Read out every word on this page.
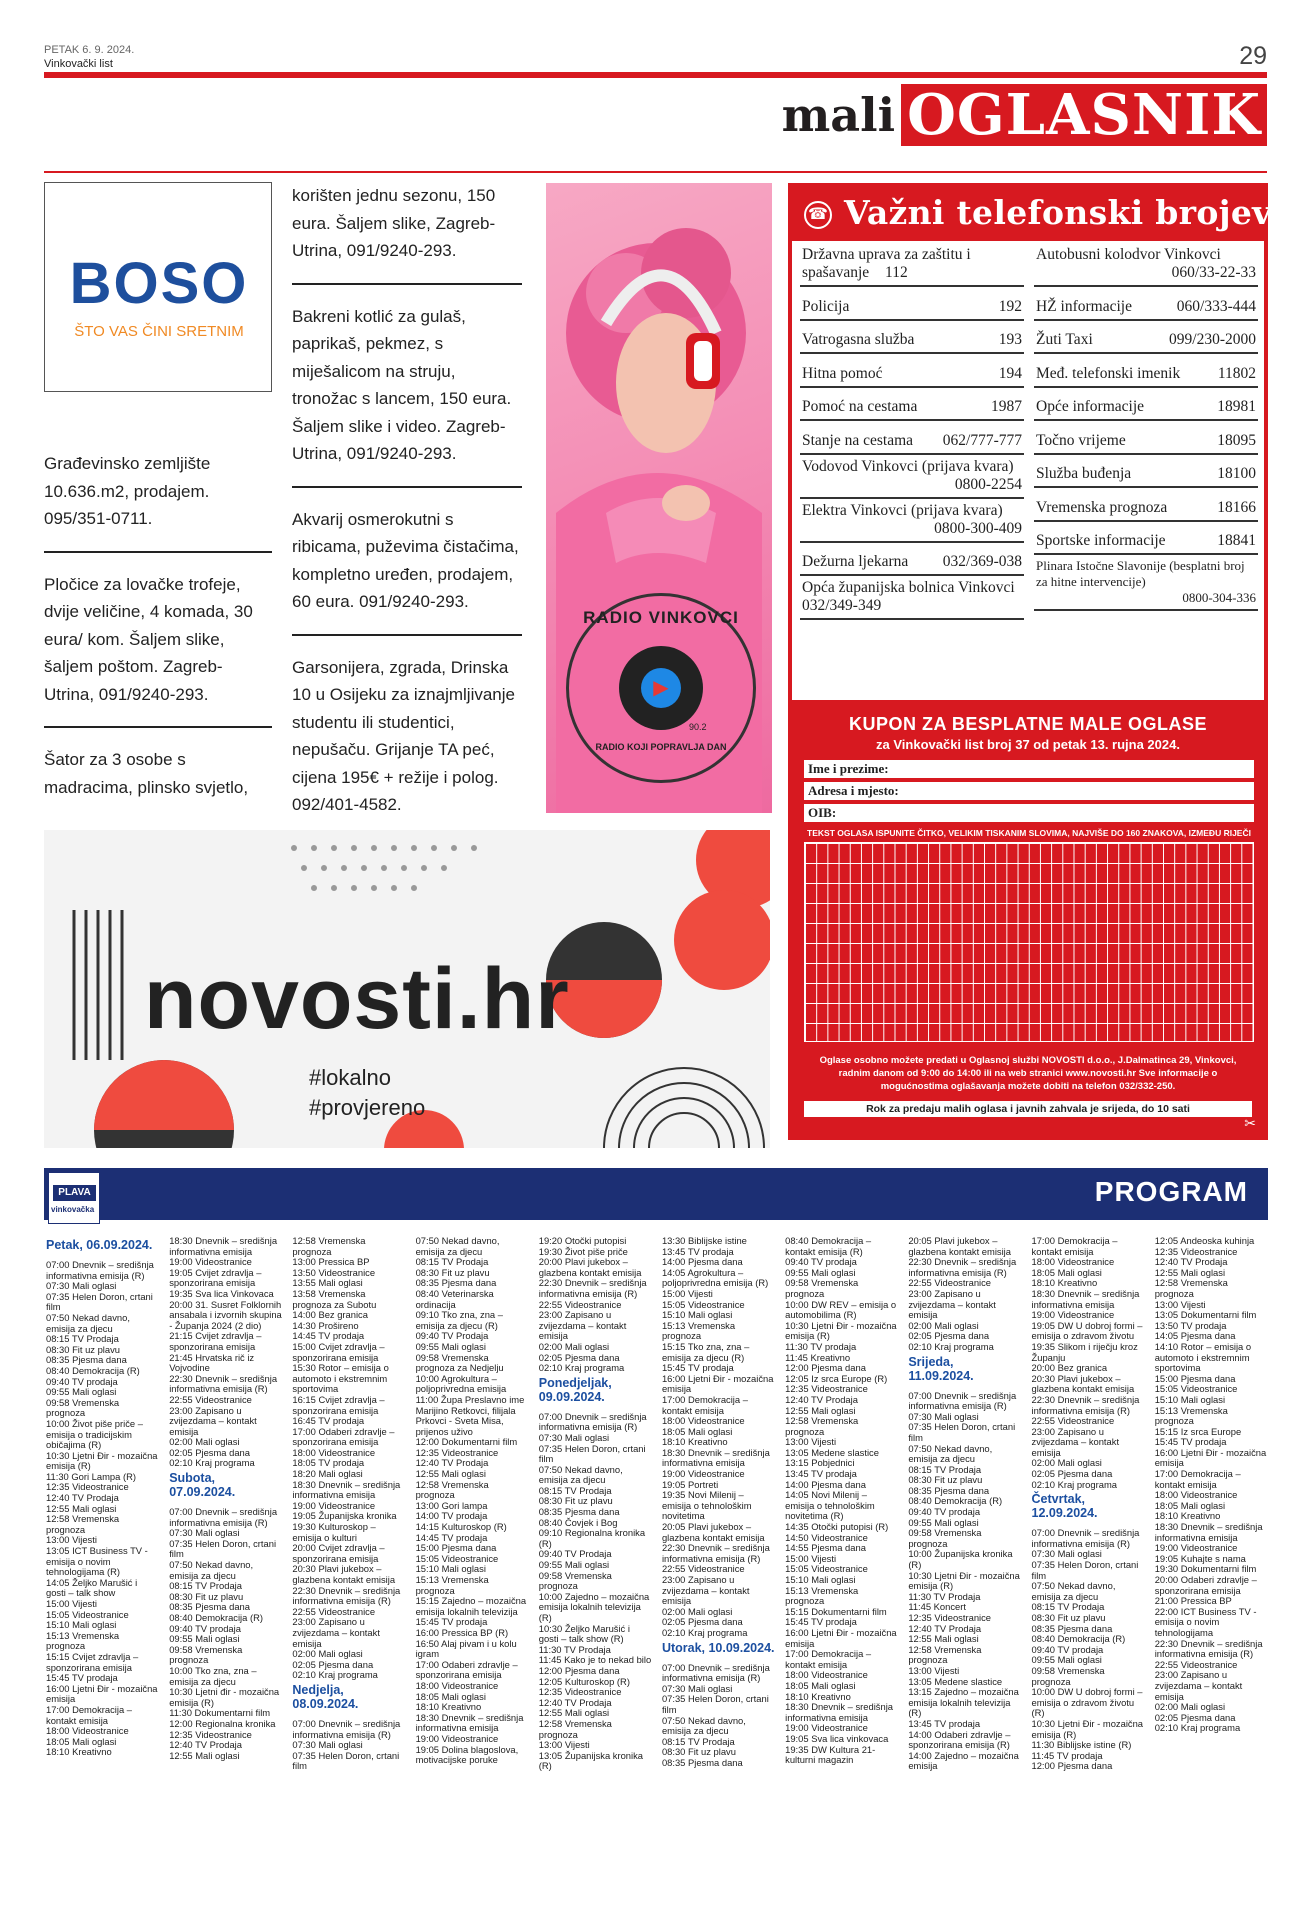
PETAK 6. 9. 2024.
Vinkovački list	29
mali OGLASNIK
BOSO
ŠTO VAS ČINI SRETNIM
Građevinsko zemljište 10.636.m2, prodajem. 095/351-0711.
Pločice za lovačke trofeje, dvije veličine, 4 komada, 30 eura/ kom. Šaljem slike, šaljem poštom. Zagreb-Utrina, 091/9240-293.
Šator za 3 osobe s madracima, plinsko svjetlo,
korišten jednu sezonu, 150 eura. Šaljem slike, Zagreb-Utrina, 091/9240-293.
Bakreni kotlić za gulaš, paprikaš, pekmez, s miješalicom na struju, tronožac s lancem, 150 eura. Šaljem slike i video. Zagreb-Utrina, 091/9240-293.
Akvarij osmerokutni s ribicama, puževima čistačima, kompletno uređen, prodajem, 60 eura. 091/9240-293.
Garsonijera, zgrada, Drinska 10 u Osijeku za iznajmljivanje studentu ili studentici, nepušaču. Grijanje TA peć, cijena 195€ + režije i polog. 092/401-4582.
▶
RADIO VINKOVCI
RADIO KOJI POPRAVLJA DAN
90.2
☎ Važni telefonski brojevi
Državna uprava za zaštitu i spašavanje 112
Policija	192
Vatrogasna služba	193
Hitna pomoć	194
Pomoć na cestama	1987
Stanje na cestama 062/777-777
Vodovod Vinkovci (prijava kvara)
0800-2254
Elektra Vinkovci (prijava kvara)
0800-300-409
Dežurna ljekarna 032/369-038
Opća županijska bolnica Vinkovci 032/349-349
Autobusni kolodvor Vinkovci
060/33-22-33
HŽ informacije	060/333-444
Žuti Taxi	099/230-2000
Međ. telefonski imenik 11802
Opće informacije	18981
Točno vrijeme	18095
Služba buđenja	18100
Vremenska prognoza	18166
Sportske informacije	18841
Plinara Istočne Slavonije (besplatni broj za hitne intervencije)
0800-304-336
KUPON ZA BESPLATNE MALE OGLASE
za Vinkovački list broj 37 od petak 13. rujna 2024.
Ime i prezime:
Adresa i mjesto:
OIB:
TEKST OGLASA ISPUNITE ČITKO, VELIKIM TISKANIM SLOVIMA, NAJVIŠE DO 160 ZNAKOVA, IZMEĐU RIJEČI
Oglase osobno možete predati u Oglasnoj službi NOVOSTI d.o.o., J.Dalmatinca 29, Vinkovci, radnim danom od 9:00 do 14:00 ili na web stranici www.novosti.hr Sve informacije o mogućnostima oglašavanja možete dobiti na telefon 032/332-250.
Rok za predaju malih oglasa i javnih zahvala je srijeda, do 10 sati
✂
novosti.hr
#lokalno
#provjereno
PLAVA
vinkovačka
PROGRAM
Petak, 06.09.2024.
07:00 Dnevnik – središnja informativna emisija (R)
07:30 Mali oglasi
07:35 Helen Doron, crtani film
07:50 Nekad davno, emisija za djecu
08:15 TV Prodaja
08:30 Fit uz plavu
08:35 Pjesma dana
08:40 Demokracija (R)
09:40 TV prodaja
09:55 Mali oglasi
09:58 Vremenska prognoza
10:00 Život piše priče – emisija o tradicijskim običajima (R)
10:30 Ljetni Đir - mozaična emisija (R)
11:30 Gori Lampa (R)
12:35 Videostranice
12:40 TV Prodaja
12:55 Mali oglasi
12:58 Vremenska prognoza
13:00 Vijesti
13:05 ICT Business TV - emisija o novim tehnologijama (R)
14:05 Željko Marušić i gosti – talk show
15:00 Vijesti
15:05 Videostranice
15:10 Mali oglasi
15:13 Vremenska prognoza
15:15 Cvijet zdravlja – sponzorirana emisija
15:45 TV prodaja
16:00 Ljetni Đir - mozaična emisija
17:00 Demokracija – kontakt emisija
18:00 Videostranice
18:05 Mali oglasi
18:10 Kreativno
18:30 Dnevnik – središnja informativna emisija
19:00 Videostranice
19:05 Cvijet zdravlja – sponzorirana emisija
19:35 Sva lica Vinkovaca
20:00 31. Susret Folklornih ansabala i izvornih skupina - Županja 2024 (2 dio)
21:15 Cvijet zdravlja – sponzorirana emisija
21:45 Hrvatska rič iz Vojvodine
22:30 Dnevnik – središnja informativna emisija (R)
22:55 Videostranice
23:00 Zapisano u zvijezdama – kontakt emisija
02:00 Mali oglasi
02:05 Pjesma dana
02:10 Kraj programa
Subota, 07.09.2024.
07:00 Dnevnik – središnja informativna emisija (R)
07:30 Mali oglasi
07:35 Helen Doron, crtani film
07:50 Nekad davno, emisija za djecu
08:15 TV Prodaja
08:30 Fit uz plavu
08:35 Pjesma dana
08:40 Demokracija (R)
09:40 TV prodaja
09:55 Mali oglasi
09:58 Vremenska prognoza
10:00 Tko zna, zna – emisija za djecu
10:30 Ljetni đir - mozaična emisija (R)
11:30 Dokumentarni film
12:00 Regionalna kronika
12:35 Videostranice
12:40 TV Prodaja
12:55 Mali oglasi
12:58 Vremenska prognoza
13:00 Pressica BP
13:50 Videostranice
13:55 Mali oglasi
13:58 Vremenska prognoza za Subotu
14:00 Bez granica
14:30 Prošireno
14:45 TV prodaja
15:00 Cvijet zdravlja – sponzorirana emisija
15:30 Rotor – emisija o automoto i ekstremnim sportovima
16:15 Cvijet zdravlja – sponzorirana emisija
16:45 TV prodaja
17:00 Odaberi zdravlje – sponzorirana emisija
18:00 Videostranice
18:05 TV prodaja
18:20 Mali oglasi
18:30 Dnevnik – središnja informativna emisija
19:00 Videostranice
19:05 Županijska kronika
19:30 Kulturoskop – emisija o kulturi
20:00 Cvijet zdravlja – sponzorirana emisija
20:30 Plavi jukebox – glazbena kontakt emisija
22:30 Dnevnik – središnja informativna emisija (R)
22:55 Videostranice
23:00 Zapisano u zvijezdama – kontakt emisija
02:00 Mali oglasi
02:05 Pjesma dana
02:10 Kraj programa
Nedjelja, 08.09.2024.
07:00 Dnevnik – središnja informativna emisija (R)
07:30 Mali oglasi
07:35 Helen Doron, crtani film
07:50 Nekad davno, emisija za djecu
08:15 TV Prodaja
08:30 Fit uz plavu
08:35 Pjesma dana
08:40 Veterinarska ordinacija
09:10 Tko zna, zna – emisija za djecu (R)
09:40 TV Prodaja
09:55 Mali oglasi
09:58 Vremenska prognoza za Nedjelju
10:00 Agrokultura – poljoprivredna emisija
11:00 Župa Preslavno ime Marijino Retkovci, filijala Prkovci - Sveta Misa, prijenos uživo
12:00 Dokumentarni film
12:35 Videostranice
12:40 TV Prodaja
12:55 Mali oglasi
12:58 Vremenska prognoza
13:00 Gori lampa
14:00 TV prodaja
14:15 Kulturoskop (R)
14:45 TV prodaja
15:00 Pjesma dana
15:05 Videostranice
15:10 Mali oglasi
15:13 Vremenska prognoza
15:15 Zajedno – mozaična emisija lokalnih televizija
15:45 TV prodaja
16:00 Pressica BP (R)
16:50 Alaj pivam i u kolu igram
17:00 Odaberi zdravlje – sponzorirana emisija
18:00 Videostranice
18:05 Mali oglasi
18:10 Kreativno
18:30 Dnevnik – središnja informativna emisija
19:00 Videostranice
19:05 Dolina blagoslova, motivacijske poruke
19:20 Otočki putopisi
19:30 Život piše priče
20:00 Plavi jukebox – glazbena kontakt emisija
22:30 Dnevnik – središnja informativna emisija (R)
22:55 Videostranice
23:00 Zapisano u zvijezdama – kontakt emisija
02:00 Mali oglasi
02:05 Pjesma dana
02:10 Kraj programa
Ponedjeljak, 09.09.2024.
07:00 Dnevnik – središnja informativna emisija (R)
07:30 Mali oglasi
07:35 Helen Doron, crtani film
07:50 Nekad davno, emisija za djecu
08:15 TV Prodaja
08:30 Fit uz plavu
08:35 Pjesma dana
08:40 Čovjek i Bog
09:10 Regionalna kronika (R)
09:40 TV Prodaja
09:55 Mali oglasi
09:58 Vremenska prognoza
10:00 Zajedno – mozaična emisija lokalnih televizija (R)
10:30 Željko Marušić i gosti – talk show (R)
11:30 TV Prodaja
11:45 Kako je to nekad bilo
12:00 Pjesma dana
12:05 Kulturoskop (R)
12:35 Videostranice
12:40 TV Prodaja
12:55 Mali oglasi
12:58 Vremenska prognoza
13:00 Vijesti
13:05 Županijska kronika (R)
13:30 Biblijske istine
13:45 TV prodaja
14:00 Pjesma dana
14:05 Agrokultura – poljoprivredna emisija (R)
15:00 Vijesti
15:05 Videostranice
15:10 Mali oglasi
15:13 Vremenska prognoza
15:15 Tko zna, zna – emisija za djecu (R)
15:45 TV prodaja
16:00 Ljetni Đir - mozaična emisija
17:00 Demokracija – kontakt emisija
18:00 Videostranice
18:05 Mali oglasi
18:10 Kreativno
18:30 Dnevnik – središnja informativna emisija
19:00 Videostranice
19:05 Portreti
19:35 Novi Milenij – emisija o tehnološkim novitetima
20:05 Plavi jukebox – glazbena kontakt emisija
22:30 Dnevnik – središnja informativna emisija (R)
22:55 Videostranice
23:00 Zapisano u zvijezdama – kontakt emisija
02:00 Mali oglasi
02:05 Pjesma dana
02:10 Kraj programa
Utorak, 10.09.2024.
07:00 Dnevnik – središnja informativna emisija (R)
07:30 Mali oglasi
07:35 Helen Doron, crtani film
07:50 Nekad davno, emisija za djecu
08:15 TV Prodaja
08:30 Fit uz plavu
08:35 Pjesma dana
08:40 Demokracija – kontakt emisija (R)
09:40 TV prodaja
09:55 Mali oglasi
09:58 Vremenska prognoza
10:00 DW REV – emisija o automobilima (R)
10:30 Ljetni Đir - mozaična emisija (R)
11:30 TV prodaja
11:45 Kreativno
12:00 Pjesma dana
12:05 Iz srca Europe (R)
12:35 Videostranice
12:40 TV Prodaja
12:55 Mali oglasi
12:58 Vremenska prognoza
13:00 Vijesti
13:05 Medene slastice
13:15 Pobjednici
13:45 TV prodaja
14:00 Pjesma dana
14:05 Novi Milenij – emisija o tehnološkim novitetima (R)
14:35 Otočki putopisi (R)
14:50 Videostranice
14:55 Pjesma dana
15:00 Vijesti
15:05 Videostranice
15:10 Mali oglasi
15:13 Vremenska prognoza
15:15 Dokumentarni film
15:45 TV prodaja
16:00 Ljetni Đir - mozaična emisija
17:00 Demokracija – kontakt emisija
18:00 Videostranice
18:05 Mali oglasi
18:10 Kreativno
18:30 Dnevnik – središnja informativna emisija
19:00 Videostranice
19:05 Sva lica vinkovaca
19:35 DW Kultura 21- kulturni magazin
20:05 Plavi jukebox – glazbena kontakt emisija
22:30 Dnevnik – središnja informativna emisija (R)
22:55 Videostranice
23:00 Zapisano u zvijezdama – kontakt emisija
02:00 Mali oglasi
02:05 Pjesma dana
02:10 Kraj programa
Srijeda, 11.09.2024.
07:00 Dnevnik – središnja informativna emisija (R)
07:30 Mali oglasi
07:35 Helen Doron, crtani film
07:50 Nekad davno, emisija za djecu
08:15 TV Prodaja
08:30 Fit uz plavu
08:35 Pjesma dana
08:40 Demokracija (R)
09:40 TV prodaja
09:55 Mali oglasi
09:58 Vremenska prognoza
10:00 Županijska kronika (R)
10:30 Ljetni Đir - mozaična emisija (R)
11:30 TV Prodaja
11:45 Koncert
12:35 Videostranice
12:40 TV Prodaja
12:55 Mali oglasi
12:58 Vremenska prognoza
13:00 Vijesti
13:05 Medene slastice
13:15 Zajedno – mozaična emisija lokalnih televizija (R)
13:45 TV prodaja
14:00 Odaberi zdravlje – sponzorirana emisija (R)
14:00 Zajedno – mozaična emisija
17:00 Demokracija – kontakt emisija
18:00 Videostranice
18:05 Mali oglasi
18:10 Kreativno
18:30 Dnevnik – središnja informativna emisija
19:00 Videostranice
19:05 DW U dobroj formi – emisija o zdravom životu
19:35 Slikom i riječju kroz Županju
20:00 Bez granica
20:30 Plavi jukebox – glazbena kontakt emisija
22:30 Dnevnik – središnja informativna emisija (R)
22:55 Videostranice
23:00 Zapisano u zvijezdama – kontakt emisija
02:00 Mali oglasi
02:05 Pjesma dana
02:10 Kraj programa
Četvrtak, 12.09.2024.
07:00 Dnevnik – središnja informativna emisija (R)
07:30 Mali oglasi
07:35 Helen Doron, crtani film
07:50 Nekad davno, emisija za djecu
08:15 TV Prodaja
08:30 Fit uz plavu
08:35 Pjesma dana
08:40 Demokracija (R)
09:40 TV prodaja
09:55 Mali oglasi
09:58 Vremenska prognoza
10:00 DW U dobroj formi – emisija o zdravom životu (R)
10:30 Ljetni Đir - mozaična emisija (R)
11:30 Biblijske istine (R)
11:45 TV prodaja
12:00 Pjesma dana
12:05 Andeoska kuhinja
12:35 Videostranice
12:40 TV Prodaja
12:55 Mali oglasi
12:58 Vremenska prognoza
13:00 Vijesti
13:05 Dokumentarni film
13:50 TV prodaja
14:05 Pjesma dana
14:10 Rotor – emisija o automoto i ekstremnim sportovima
15:00 Pjesma dana
15:05 Videostranice
15:10 Mali oglasi
15:13 Vremenska prognoza
15:15 Iz srca Europe
15:45 TV prodaja
16:00 Ljetni Đir - mozaična emisija
17:00 Demokracija – kontakt emisija
18:00 Videostranice
18:05 Mali oglasi
18:10 Kreativno
18:30 Dnevnik – središnja informativna emisija
19:00 Videostranice
19:05 Kuhajte s nama
19:30 Dokumentarni film
20:00 Odaberi zdravlje – sponzorirana emisija
21:00 Pressica BP
22:00 ICT Business TV - emisija o novim tehnologijama
22:30 Dnevnik – središnja informativna emisija (R)
22:55 Videostranice
23:00 Zapisano u zvijezdama – kontakt emisija
02:00 Mali oglasi
02:05 Pjesma dana
02:10 Kraj programa
